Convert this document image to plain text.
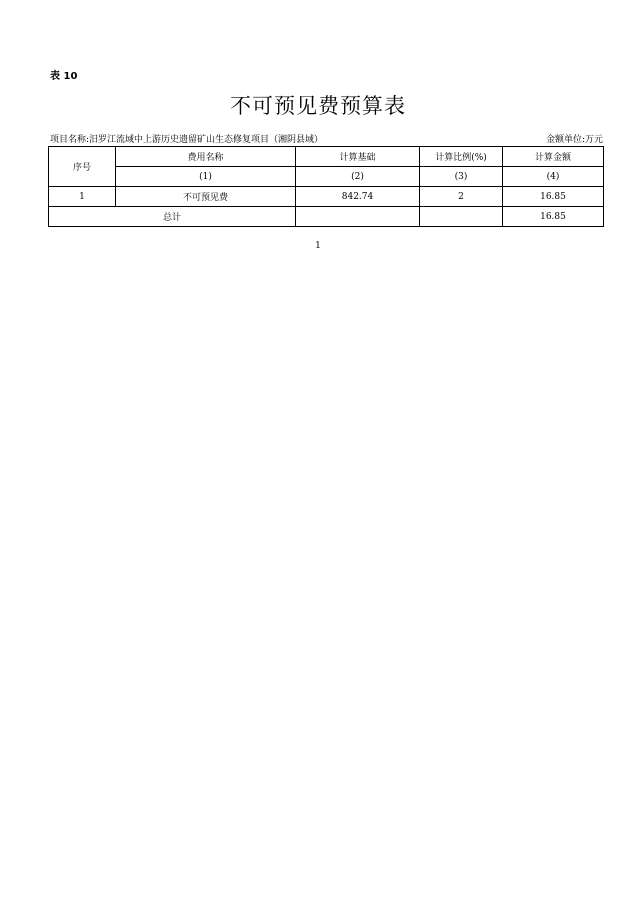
表 10
不可预见费预算表
项目名称:汨罗江流域中上游历史遗留矿山生态修复项目（湘阴县域）	金额单位:万元
序号	费用名称	计算基础	计算比例(%)	计算金额
	(1)	(2)	(3)	(4)
1	不可预见费	842.74	2	16.85
总计				16.85
1
